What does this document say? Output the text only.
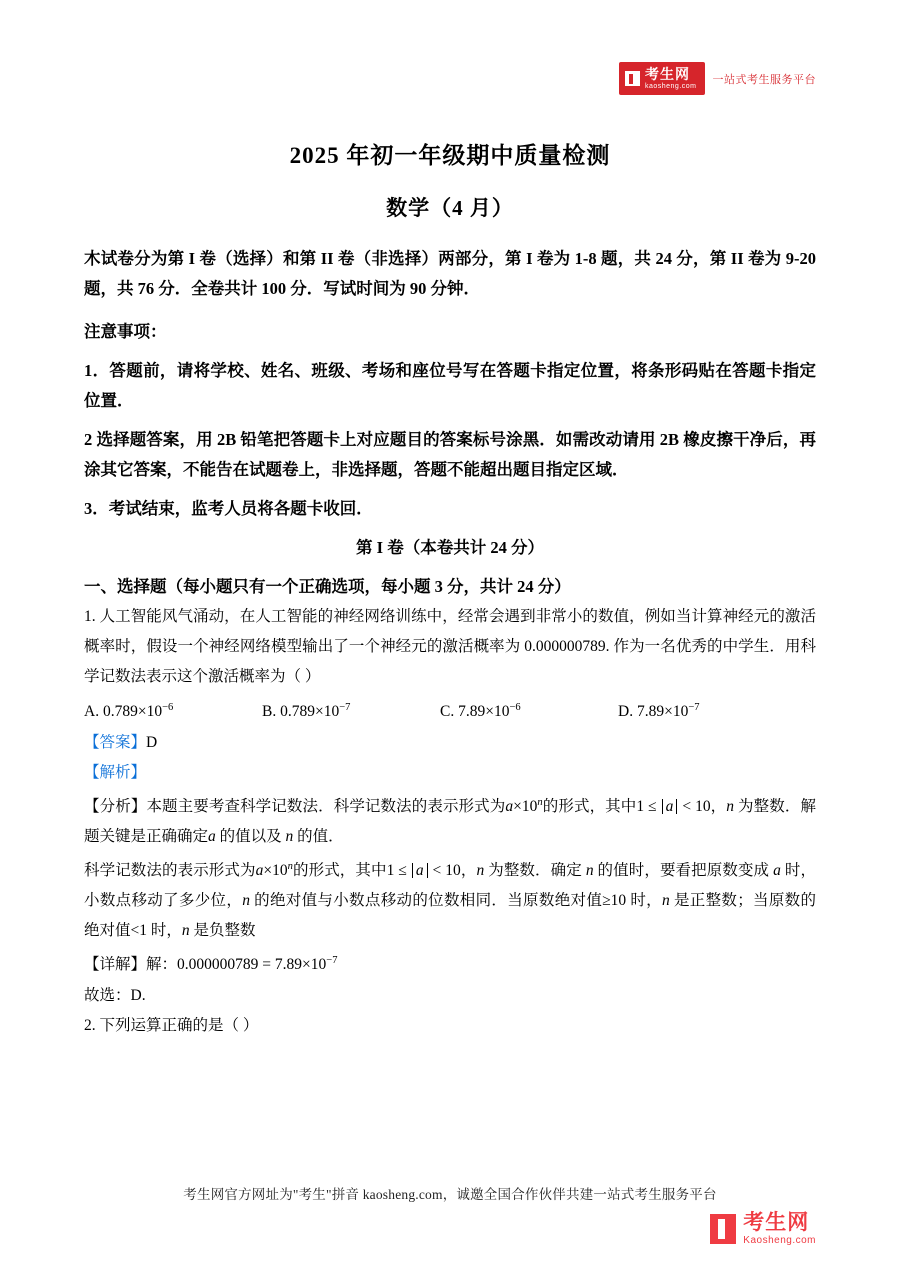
考生网
kaosheng.com
一站式考生服务平台
2025 年初一年级期中质量检测
数学（4 月）

木试卷分为第 I 卷（选择）和第 II 卷（非选择）两部分，第 I 卷为 1-8 题，共 24 分，第 II 卷为 9-20 题，共 76 分．全卷共计 100 分．写试时间为 90 分钟．

注意事项：

1．答题前，请将学校、姓名、班级、考场和座位号写在答题卡指定位置，将条形码贴在答题卡指定位置．

2 选择题答案，用 2B 铅笔把答题卡上对应题目的答案标号涂黑．如需改动请用 2B 橡皮擦干净后，再涂其它答案，不能告在试题卷上，非选择题，答题不能超出题目指定区域．

3．考试结束，监考人员将各题卡收回．

第 I 卷（本卷共计 24 分）

一、选择题（每小题只有一个正确选项，每小题 3 分，共计 24 分）

1. 人工智能风气涌动，在人工智能的神经网络训练中，经常会遇到非常小的数值，例如当计算神经元的激活概率时，假设一个神经网络模型输出了一个神经元的激活概率为 0.000000789. 作为一名优秀的中学生．用科学记数法表示这个激活概率为（ ）

A. $0.789\times 10^{-6}$	B. $0.789\times 10^{-7}$	C. $7.89\times 10^{-6}$	D. $7.89\times 10^{-7}$

【答案】D

【解析】

【分析】本题主要考查科学记数法．科学记数法的表示形式为$a\times 10^n$的形式，其中1 ≤ a < 10，n 为整数．解题关键是正确确定a 的值以及 n 的值．

科学记数法的表示形式为$a\times 10^n$的形式，其中1 ≤ a < 10，n 为整数．确定 n 的值时，要看把原数变成 a 时，小数点移动了多少位，n 的绝对值与小数点移动的位数相同．当原数绝对值≥10 时，n 是正整数；当原数的绝对值<1 时，n 是负整数

【详解】解：$0.000000789 = 7.89\times 10^{-7}$

故选：D.

2. 下列运算正确的是（ ）

考生网官方网址为"考生"拼音 kaosheng.com，诚邀全国合作伙伴共建一站式考生服务平台
考生网
Kaosheng.com
